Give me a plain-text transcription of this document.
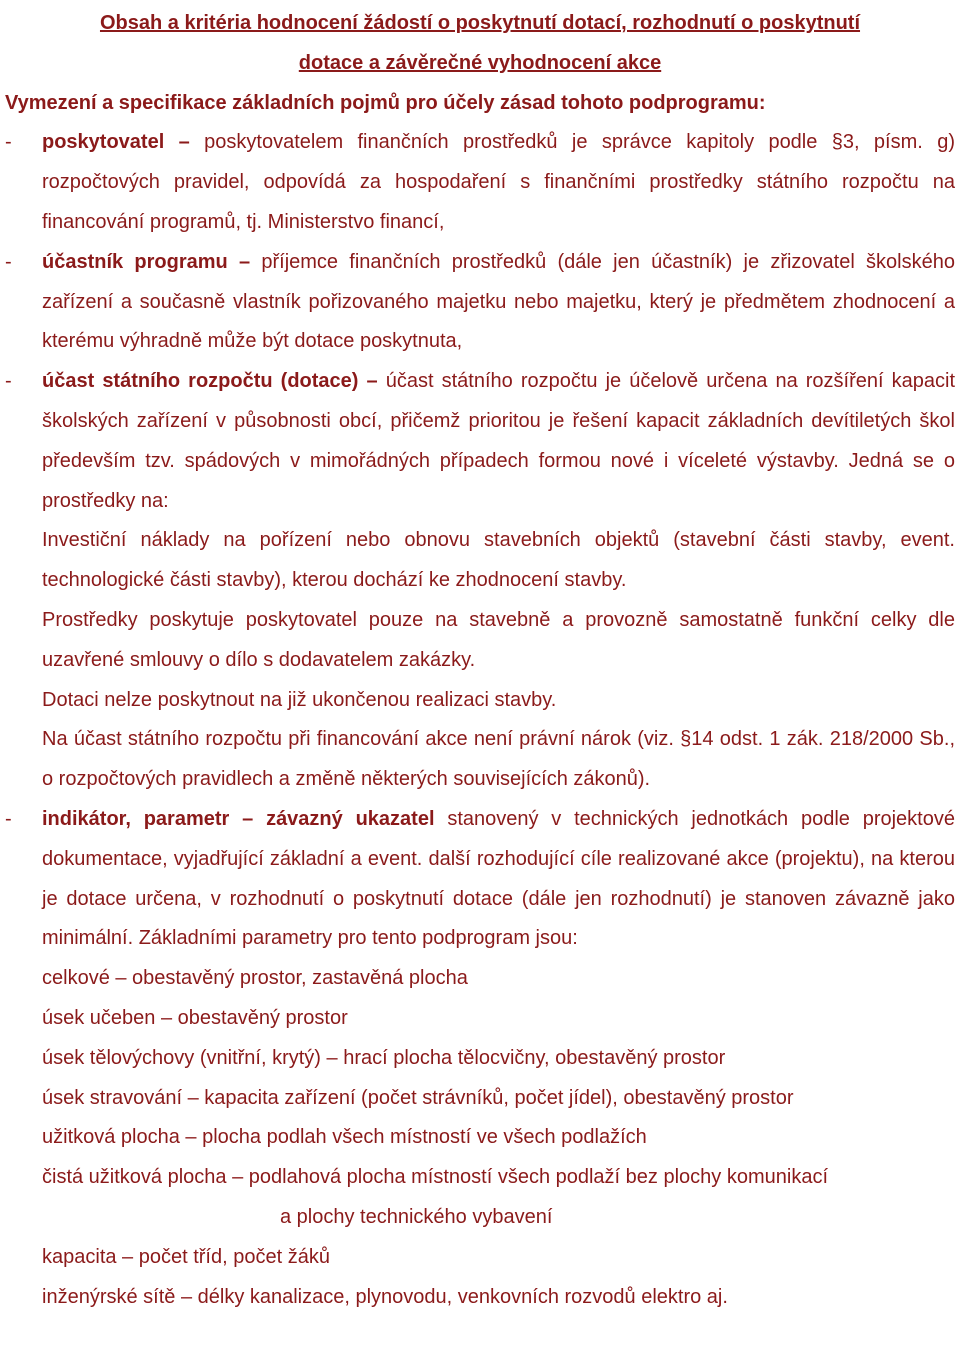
Obsah a kritéria hodnocení žádostí o poskytnutí dotací, rozhodnutí o poskytnutí

dotace a závěrečné vyhodnocení akce

Vymezení a specifikace základních pojmů pro účely zásad tohoto podprogramu:

- poskytovatel – poskytovatelem finančních prostředků je správce kapitoly podle §3, písm. g) rozpočtových pravidel, odpovídá za hospodaření s finančními prostředky státního rozpočtu na financování programů, tj. Ministerstvo financí,
- účastník programu – příjemce finančních prostředků (dále jen účastník) je zřizovatel školského zařízení a současně vlastník pořizovaného majetku nebo majetku, který je předmětem zhodnocení a kterému výhradně může být dotace poskytnuta,
- účast státního rozpočtu (dotace) – účast státního rozpočtu je účelově určena na rozšíření kapacit školských zařízení v působnosti obcí, přičemž prioritou je řešení kapacit základních devítiletých škol především tzv. spádových v mimořádných případech formou nové i víceleté výstavby. Jedná se o prostředky na:
Investiční náklady na pořízení nebo obnovu stavebních objektů (stavební části stavby, event. technologické části stavby), kterou dochází ke zhodnocení stavby.
Prostředky poskytuje poskytovatel pouze na stavebně a provozně samostatně funkční celky dle uzavřené smlouvy o dílo s dodavatelem zakázky.
Dotaci nelze poskytnout na již ukončenou realizaci stavby.
Na účast státního rozpočtu při financování akce není právní nárok (viz. §14 odst. 1 zák. 218/2000 Sb., o rozpočtových pravidlech a změně některých souvisejících zákonů).
- indikátor, parametr – závazný ukazatel stanovený v technických jednotkách podle projektové dokumentace, vyjadřující základní a event. další rozhodující cíle realizované akce (projektu), na kterou je dotace určena, v rozhodnutí o poskytnutí dotace (dále jen rozhodnutí) je stanoven závazně jako minimální. Základními parametry pro tento podprogram jsou:
celkové – obestavěný prostor, zastavěná plocha
úsek učeben – obestavěný prostor
úsek tělovýchovy (vnitřní, krytý) – hrací plocha tělocvičny, obestavěný prostor
úsek stravování – kapacita zařízení (počet strávníků, počet jídel), obestavěný prostor
užitková plocha – plocha podlah všech místností ve všech podlažích
čistá užitková plocha – podlahová plocha místností všech podlaží bez plochy komunikací
a plochy technického vybavení
kapacita – počet tříd, počet žáků
inženýrské sítě – délky kanalizace, plynovodu, venkovních rozvodů elektro aj.
